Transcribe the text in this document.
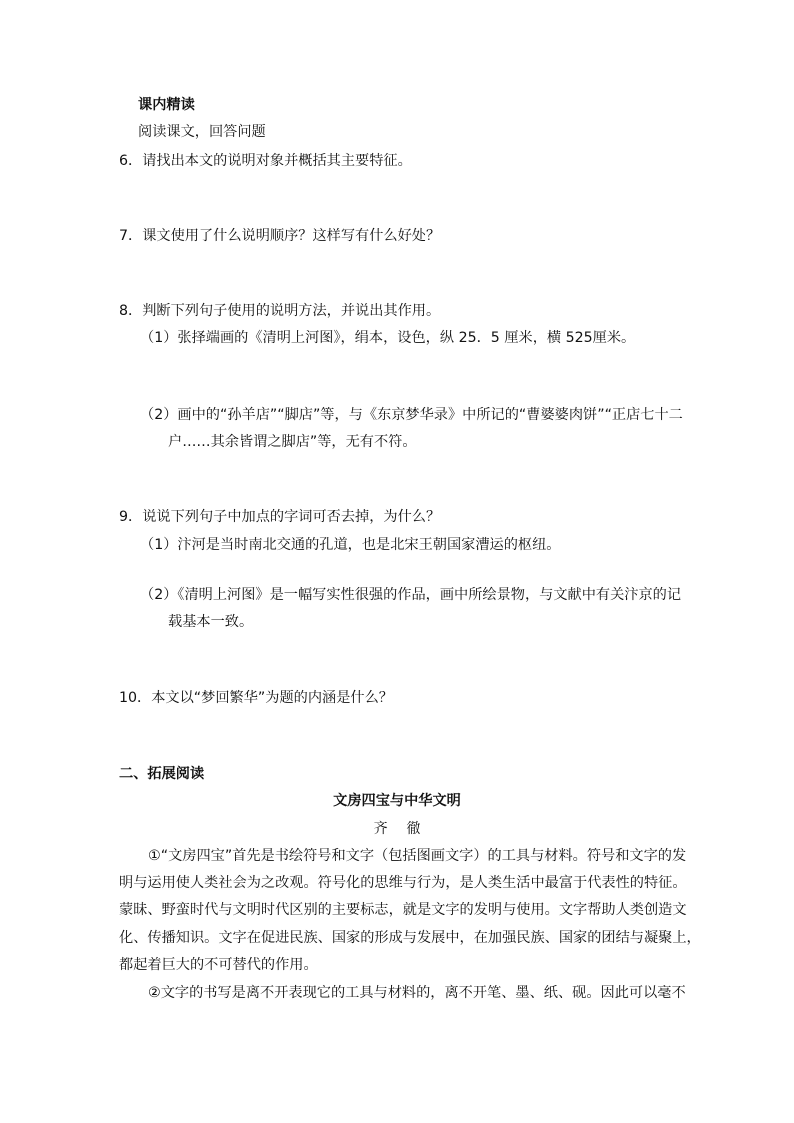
课内精读
阅读课文，回答问题
6．请找出本文的说明对象并概括其主要特征。
7．课文使用了什么说明顺序？这样写有什么好处？
8．判断下列句子使用的说明方法，并说出其作用。
（1）张择端画的《清明上河图》，绢本，设色，纵 25．5 厘米，横 525厘米。
（2）画中的“孙羊店”“脚店”等，与《东京梦华录》中所记的“曹婆婆肉饼”“正店七十二
户……其余皆谓之脚店”等，无有不符。
9．说说下列句子中加点的字词可否去掉，为什么？
（1）汴河是当时南北交通的孔道，也是北宋王朝国家漕运的枢纽。
（2）《清明上河图》是一幅写实性很强的作品，画中所绘景物，与文献中有关汴京的记
载基本一致。
10．本文以“梦回繁华”为题的内涵是什么？
二、拓展阅读
文房四宝与中华文明
齐　 徹
①“文房四宝”首先是书绘符号和文字（包括图画文字）的工具与材料。符号和文字的发
明与运用使人类社会为之改观。符号化的思维与行为，是人类生活中最富于代表性的特征。
蒙昧、野蛮时代与文明时代区别的主要标志，就是文字的发明与使用。文字帮助人类创造文
化、传播知识。文字在促进民族、国家的形成与发展中，在加强民族、国家的团结与凝聚上，
都起着巨大的不可替代的作用。
②文字的书写是离不开表现它的工具与材料的，离不开笔、墨、纸、砚。因此可以毫不
